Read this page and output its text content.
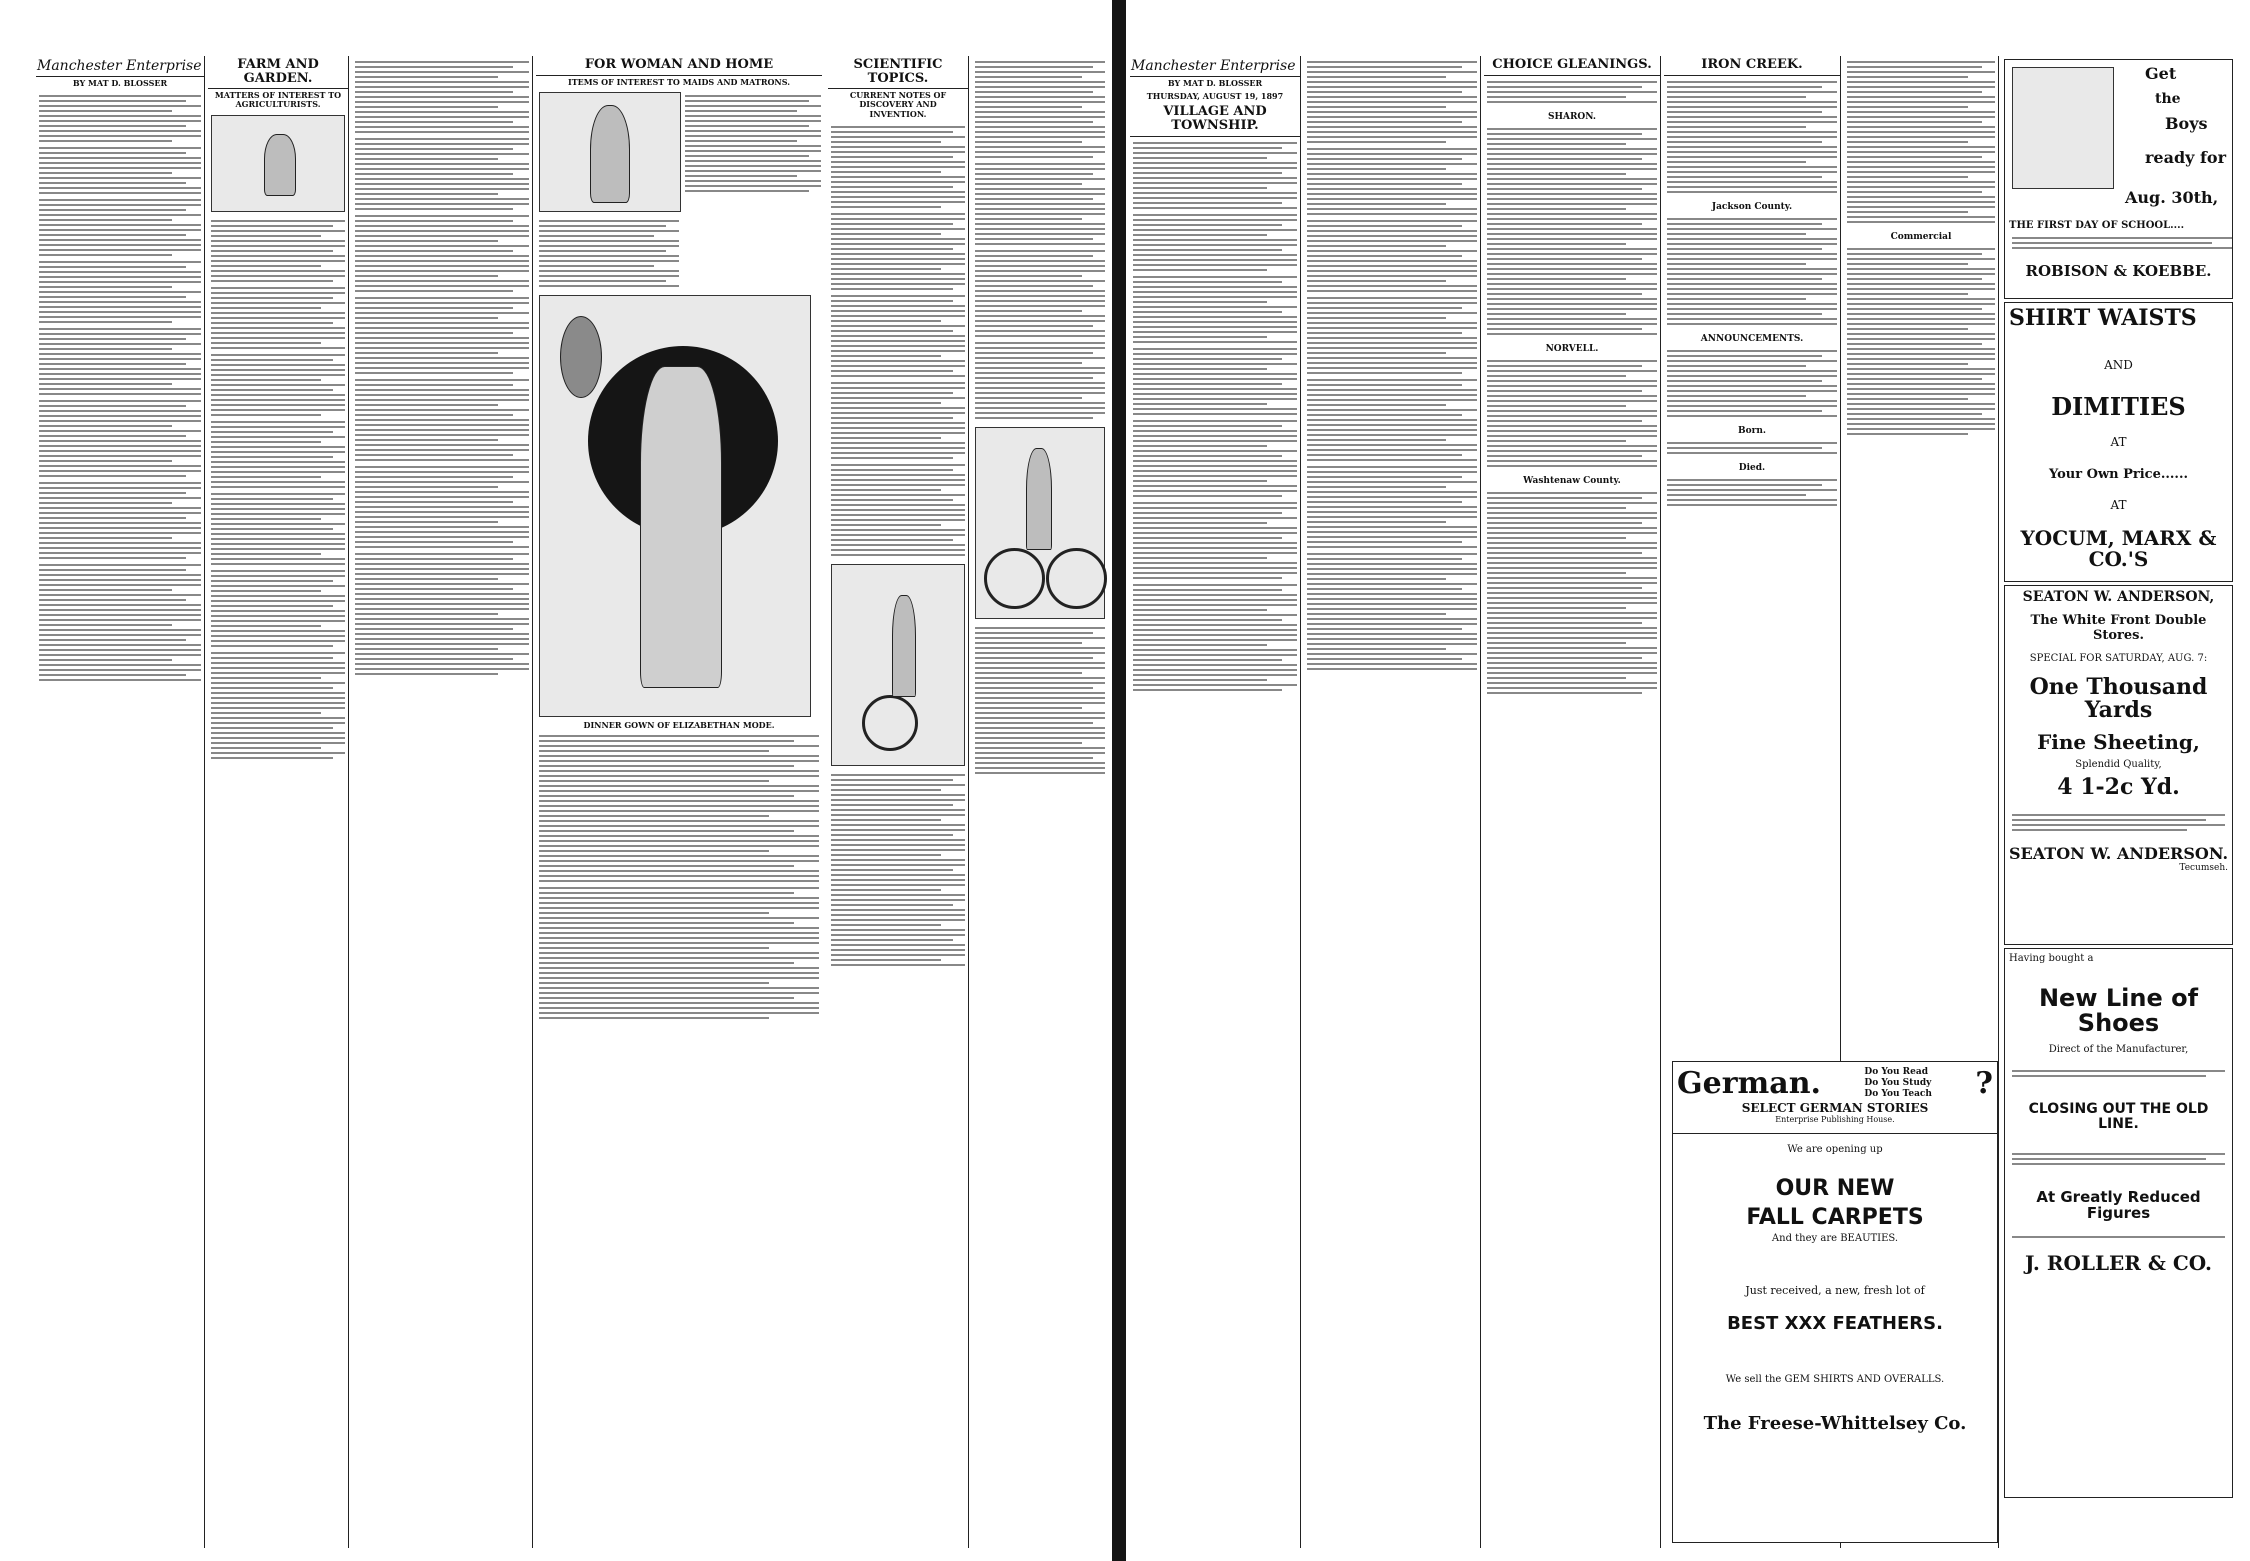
Manchester Enterprise
BY MAT D. BLOSSER
FARM AND GARDEN.
MATTERS OF INTEREST TO AGRICULTURISTS.
FOR WOMAN AND HOME
ITEMS OF INTEREST TO MAIDS AND MATRONS.
DINNER GOWN OF ELIZABETHAN MODE.
SCIENTIFIC TOPICS.
CURRENT NOTES OF DISCOVERY AND INVENTION.
Manchester Enterprise
BY MAT D. BLOSSER
THURSDAY, AUGUST 19, 1897
VILLAGE AND TOWNSHIP.
CHOICE GLEANINGS.
SHARON.
NORVELL.
Washtenaw County.
IRON CREEK.
Jackson County.
ANNOUNCEMENTS.
Born.
Died.
Commercial
German.	Do You Read
Do You Study
Do You Teach ?
SELECT GERMAN STORIES
Enterprise Publishing House.
We are opening up
OUR NEW
FALL CARPETS
And they are BEAUTIES.
Just received, a new, fresh lot of
BEST XXX FEATHERS.
We sell the GEM SHIRTS AND OVERALLS.
The Freese-Whittelsey Co.
Get
the
Boys
ready for
Aug. 30th,
THE FIRST DAY OF SCHOOL....
ROBISON & KOEBBE.
SHIRT WAISTS
AND
DIMITIES
AT
Your Own Price......
AT
YOCUM, MARX & CO.'S
SEATON W. ANDERSON,
The White Front Double Stores.
SPECIAL FOR SATURDAY, AUG. 7:
One Thousand Yards
Fine Sheeting,
Splendid Quality,
4 1-2c Yd.
SEATON W. ANDERSON.
Tecumseh.
Having bought a
New Line of Shoes
Direct of the Manufacturer,
CLOSING OUT THE OLD LINE.
At Greatly Reduced Figures
J. ROLLER & CO.
